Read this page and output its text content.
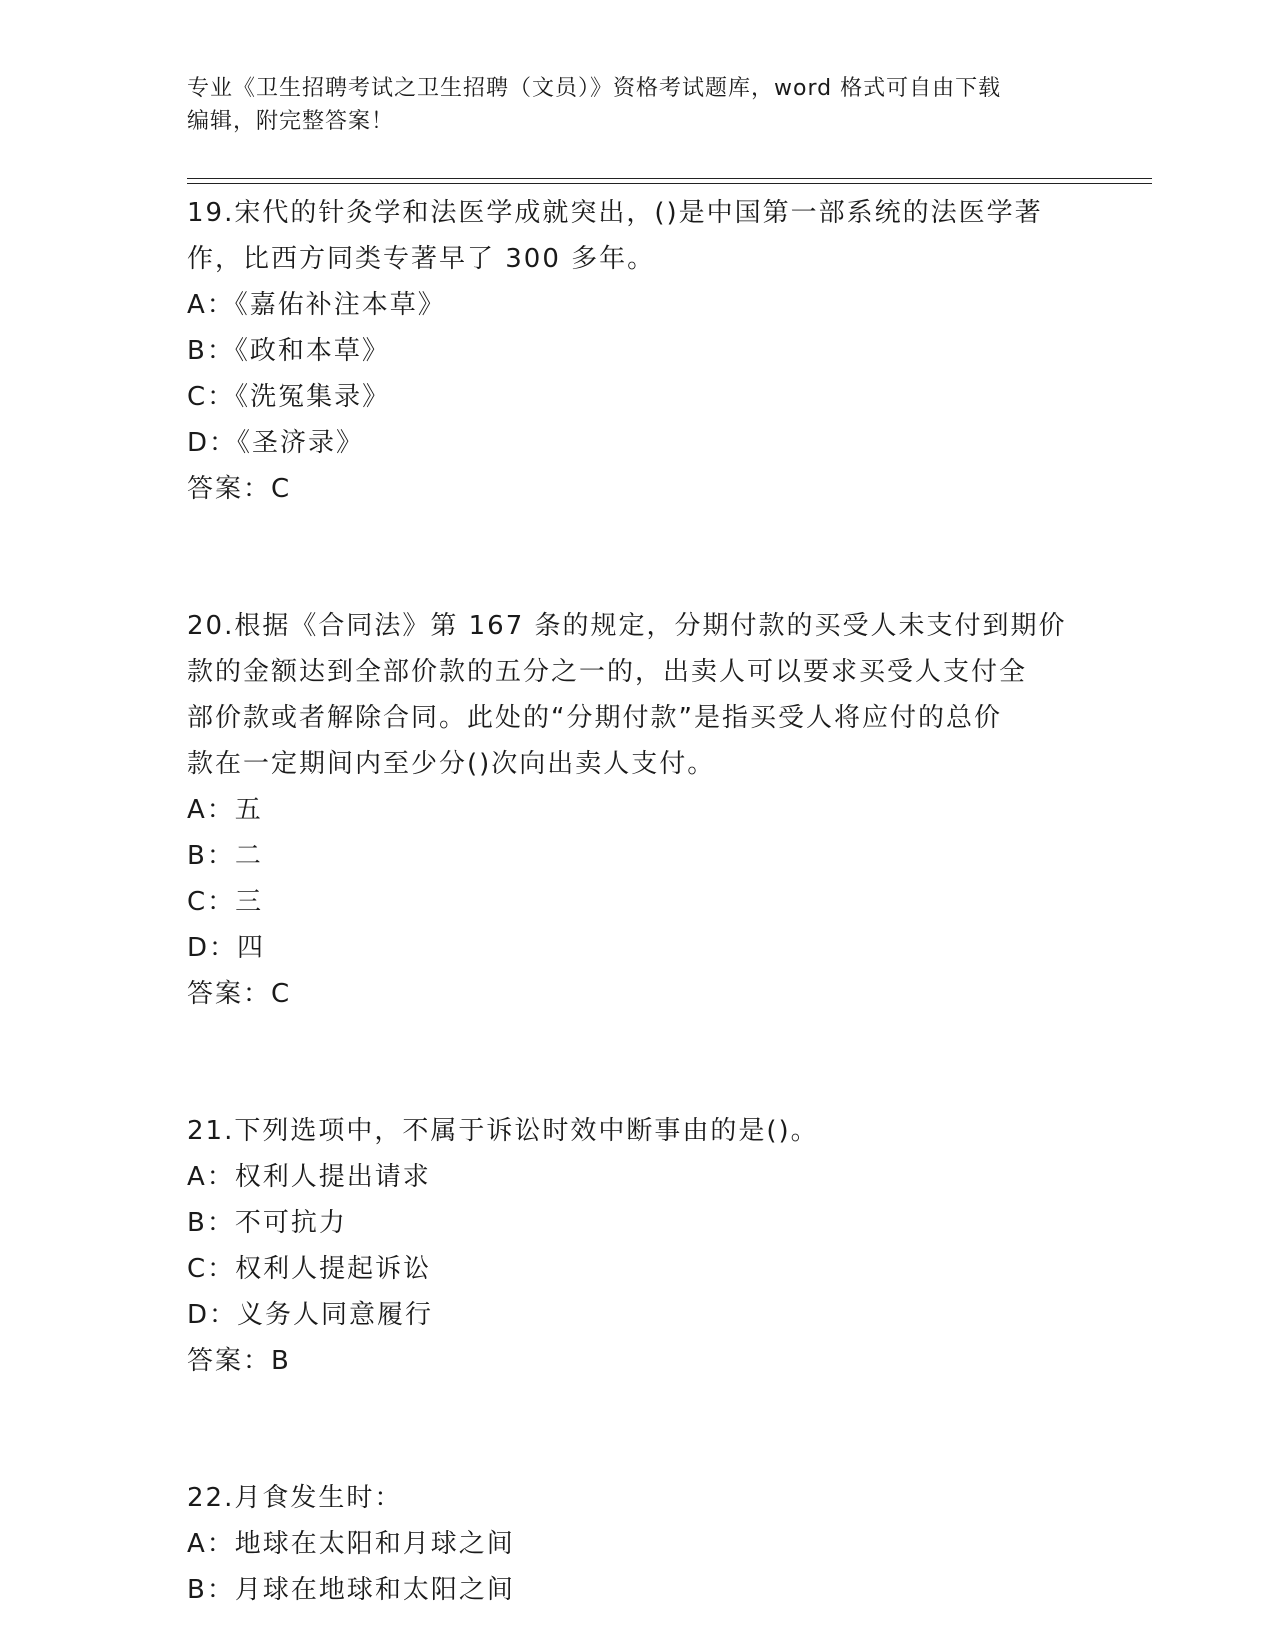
专业《卫生招聘考试之卫生招聘（文员）》资格考试题库，word 格式可自由下载
编辑，附完整答案！
19.宋代的针灸学和法医学成就突出，()是中国第一部系统的法医学著
作，比西方同类专著早了 300 多年。
A：《嘉佑补注本草》
B：《政和本草》
C：《洗冤集录》
D：《圣济录》
答案：C
20.根据《合同法》第 167 条的规定，分期付款的买受人未支付到期价
款的金额达到全部价款的五分之一的，出卖人可以要求买受人支付全
部价款或者解除合同。此处的“分期付款”是指买受人将应付的总价
款在一定期间内至少分()次向出卖人支付。
A：五
B：二
C：三
D：四
答案：C
21.下列选项中，不属于诉讼时效中断事由的是()。
A：权利人提出请求
B：不可抗力
C：权利人提起诉讼
D：义务人同意履行
答案：B
22.月食发生时：
A：地球在太阳和月球之间
B：月球在地球和太阳之间
